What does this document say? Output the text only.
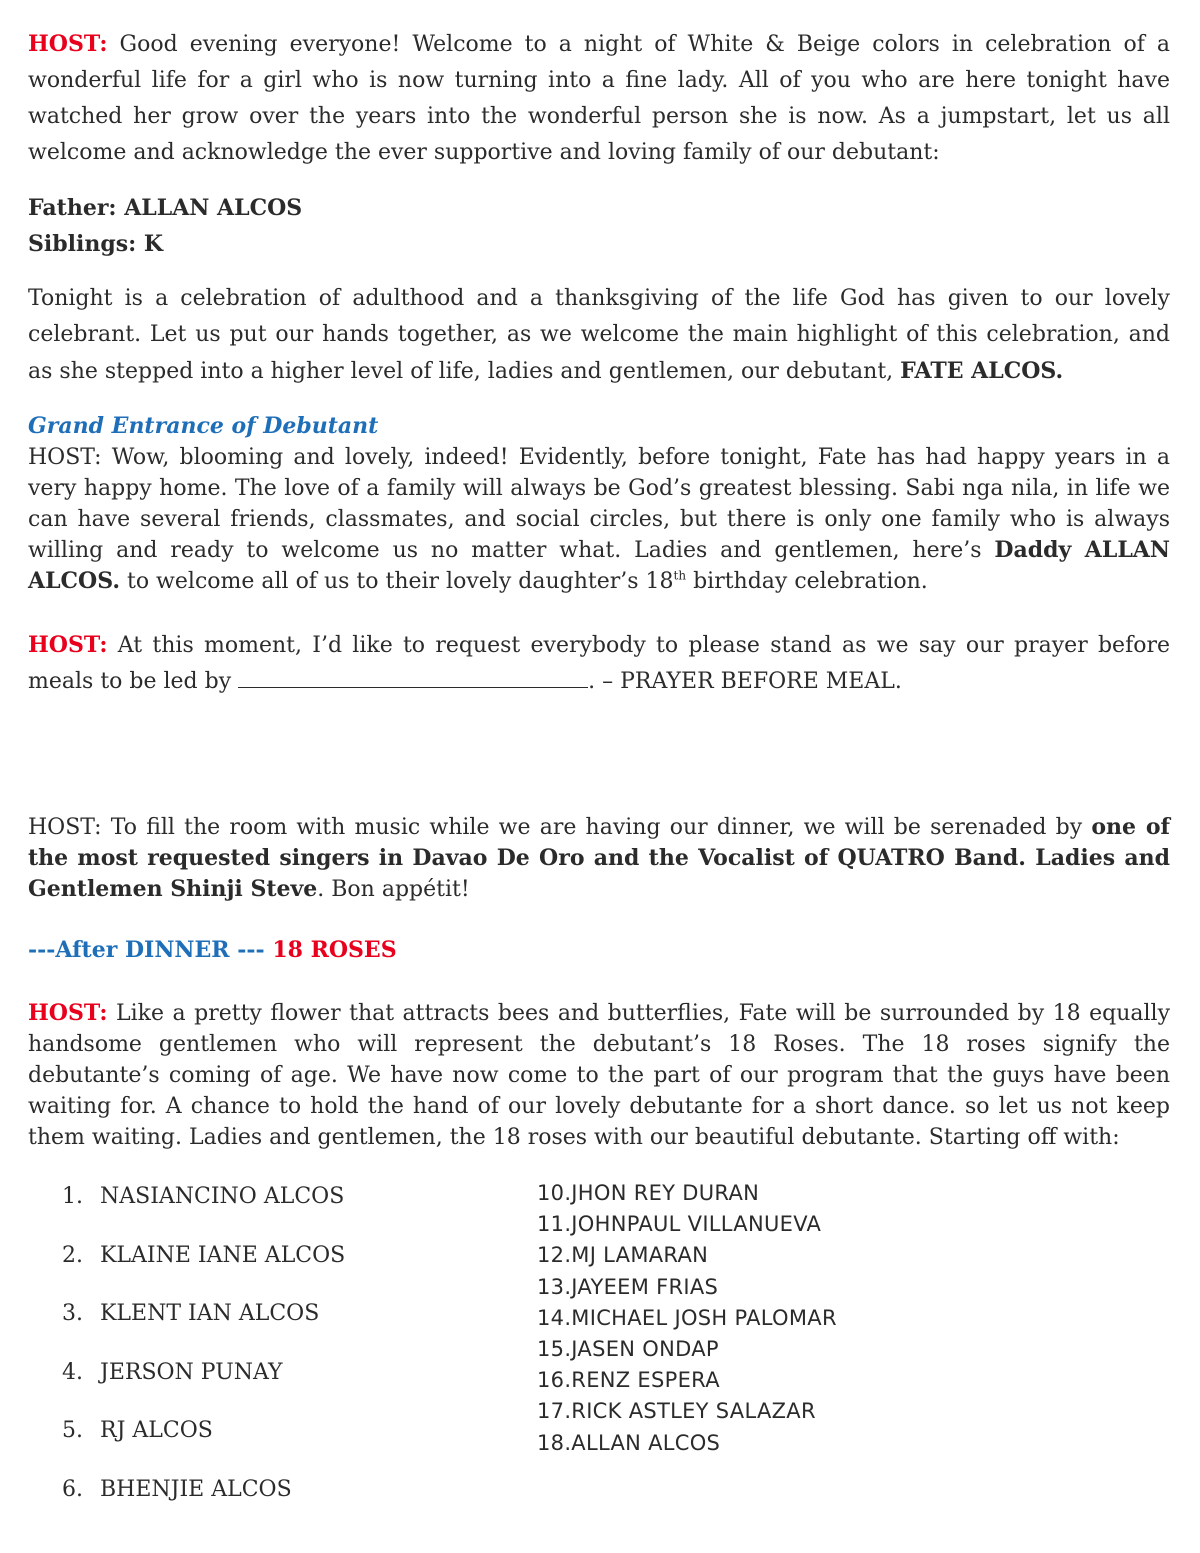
HOST: Good evening everyone! Welcome to a night of White & Beige colors in celebration of a wonderful life for a girl who is now turning into a fine lady. All of you who are here tonight have watched her grow over the years into the wonderful person she is now. As a jumpstart, let us all welcome and acknowledge the ever supportive and loving family of our debutant:

Father: ALLAN ALCOS

Siblings: K

Tonight is a celebration of adulthood and a thanksgiving of the life God has given to our lovely celebrant. Let us put our hands together, as we welcome the main highlight of this celebration, and as she stepped into a higher level of life, ladies and gentlemen, our debutant, FATE ALCOS.

Grand Entrance of Debutant

HOST: Wow, blooming and lovely, indeed! Evidently, before tonight, Fate has had happy years in a very happy home. The love of a family will always be God’s greatest blessing. Sabi nga nila, in life we can have several friends, classmates, and social circles, but there is only one family who is always willing and ready to welcome us no matter what. Ladies and gentlemen, here’s Daddy ALLAN ALCOS. to welcome all of us to their lovely daughter’s 18th birthday celebration.

HOST: At this moment, I’d like to request everybody to please stand as we say our prayer before meals to be led by	. – PRAYER BEFORE MEAL.

HOST: To fill the room with music while we are having our dinner, we will be serenaded by one of the most requested singers in Davao De Oro and the Vocalist of QUATRO Band. Ladies and Gentlemen Shinji Steve. Bon appétit!

---After DINNER --- 18 ROSES

HOST: Like a pretty flower that attracts bees and butterflies, Fate will be surrounded by 18 equally handsome gentlemen who will represent the debutant’s 18 Roses. The 18 roses signify the debutante’s coming of age. We have now come to the part of our program that the guys have been waiting for. A chance to hold the hand of our lovely debutante for a short dance. so let us not keep them waiting. Ladies and gentlemen, the 18 roses with our beautiful debutante. Starting off with:

1. NASIANCINO ALCOS
2. KLAINE IANE ALCOS
3. KLENT IAN ALCOS
4. JERSON PUNAY
5. RJ ALCOS
6. BHENJIE ALCOS
10.JHON REY DURAN
11.JOHNPAUL VILLANUEVA
12.MJ LAMARAN
13.JAYEEM FRIAS
14.MICHAEL JOSH PALOMAR
15.JASEN ONDAP
16.RENZ ESPERA
17.RICK ASTLEY SALAZAR
18.ALLAN ALCOS
